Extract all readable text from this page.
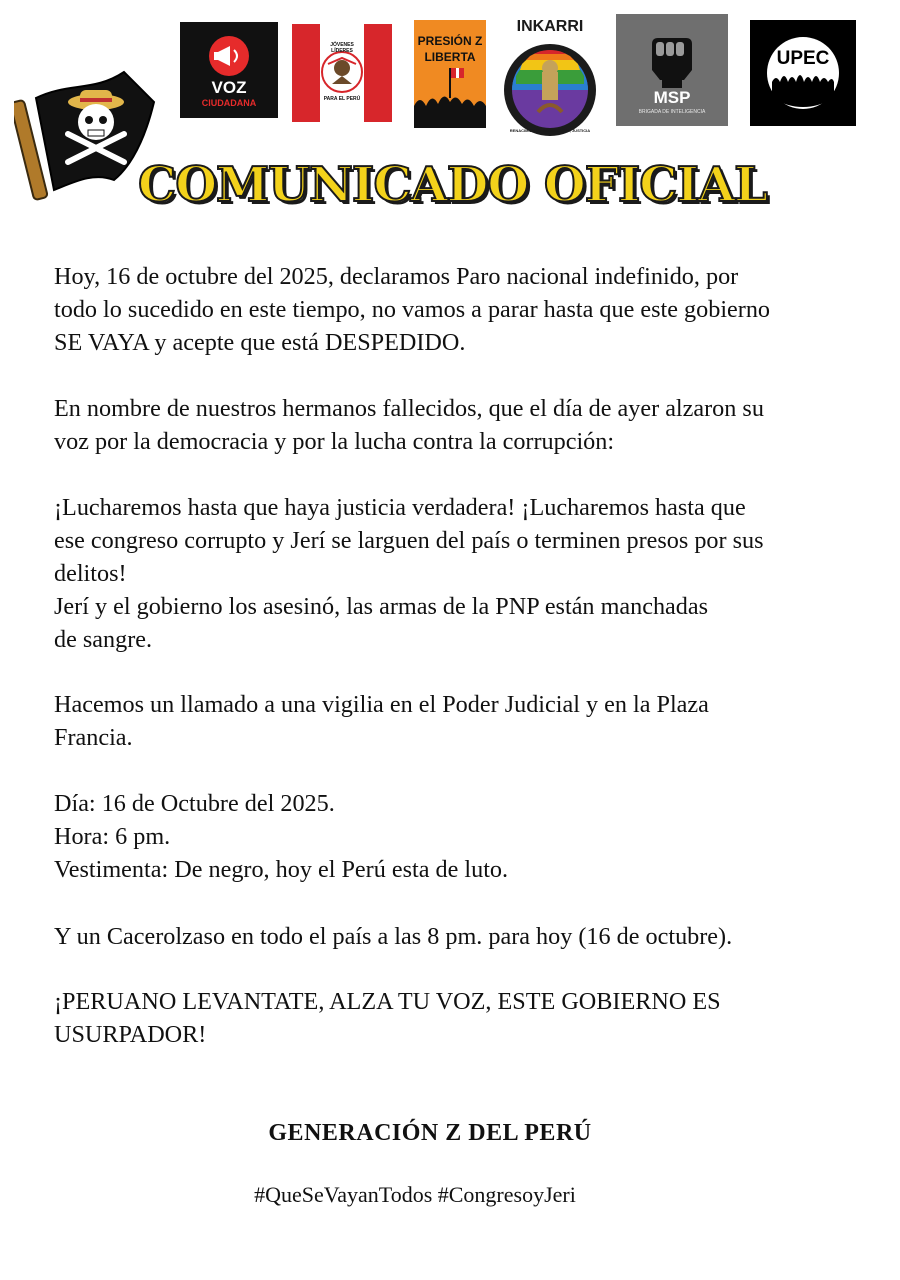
VOZ
CIUDADANA
JÓVENES LÍDERES
PARA EL PERÚ
PRESIÓN Z
LIBERTA
INKARRI
RENACIMIENTO, RESISTENCIA, JUSTICIA
MSP
BRIGADA DE INTELIGENCIA
UPEC
COMUNICADO OFICIAL
Hoy, 16 de octubre del 2025, declaramos Paro nacional indefinido, por
todo lo sucedido en este tiempo, no vamos a parar hasta que este gobierno
SE VAYA y acepte que está DESPEDIDO.
En nombre de nuestros hermanos fallecidos, que el día de ayer alzaron su
voz por la democracia y por la lucha contra la corrupción:
¡Lucharemos hasta que haya justicia verdadera! ¡Lucharemos hasta que
ese congreso corrupto y Jerí se larguen del país o terminen presos por sus
delitos!
Jerí y el gobierno los asesinó, las armas de la PNP están manchadas
de sangre.
Hacemos un llamado a una vigilia en el Poder Judicial y en la Plaza
Francia.
Día: 16 de Octubre del 2025.
Hora: 6 pm.
Vestimenta: De negro, hoy el Perú esta de luto.
Y un Cacerolzaso en todo el país a las 8 pm. para hoy (16 de octubre).
¡PERUANO LEVANTATE, ALZA TU VOZ, ESTE GOBIERNO ES
USURPADOR!
GENERACIÓN Z DEL PERÚ
#QueSeVayanTodos #CongresoyJeri
